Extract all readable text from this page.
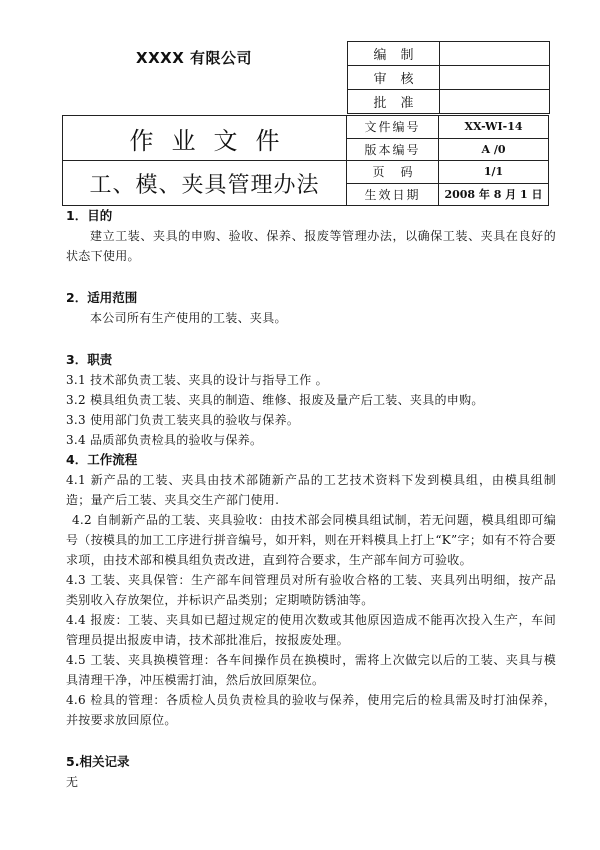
XXXX 有限公司	编制	
审核	
批准	
作业文件	文件编号	XX-WI-14
	版本编号	A /0
工、模、夹具管理办法	页码	1/1
	生效日期	2008 年 8 月 1 日
1．目的

建立工装、夹具的申购、验收、保养、报废等管理办法，以确保工装、夹具在良好的状态下使用。

2．适用范围

本公司所有生产使用的工装、夹具。

3．职责

3.1 技术部负责工装、夹具的设计与指导工作 。

3.2 模具组负责工装、夹具的制造、维修、报废及量产后工装、夹具的申购。

3.3 使用部门负责工装夹具的验收与保养。

3.4 品质部负责检具的验收与保养。

4．工作流程

4.1 新产品的工装、夹具由技术部随新产品的工艺技术资料下发到模具组，由模具组制造；量产后工装、夹具交生产部门使用.

4.2 自制新产品的工装、夹具验收：由技术部会同模具组试制，若无问题，模具组即可编号（按模具的加工工序进行拼音编号，如开料，则在开料模具上打上“K”字；如有不符合要求项，由技术部和模具组负责改进，直到符合要求，生产部车间方可验收。

4.3 工装、夹具保管：生产部车间管理员对所有验收合格的工装、夹具列出明细，按产品类别收入存放架位，并标识产品类别；定期喷防锈油等。

4.4 报废：工装、夹具如已超过规定的使用次数或其他原因造成不能再次投入生产，车间管理员提出报废申请，技术部批准后，按报废处理。

4.5 工装、夹具换模管理：各车间操作员在换模时，需将上次做完以后的工装、夹具与模具清理干净，冲压模需打油，然后放回原架位。

4.6 检具的管理：各质检人员负责检具的验收与保养，使用完后的检具需及时打油保养，并按要求放回原位。

5.相关记录

无
